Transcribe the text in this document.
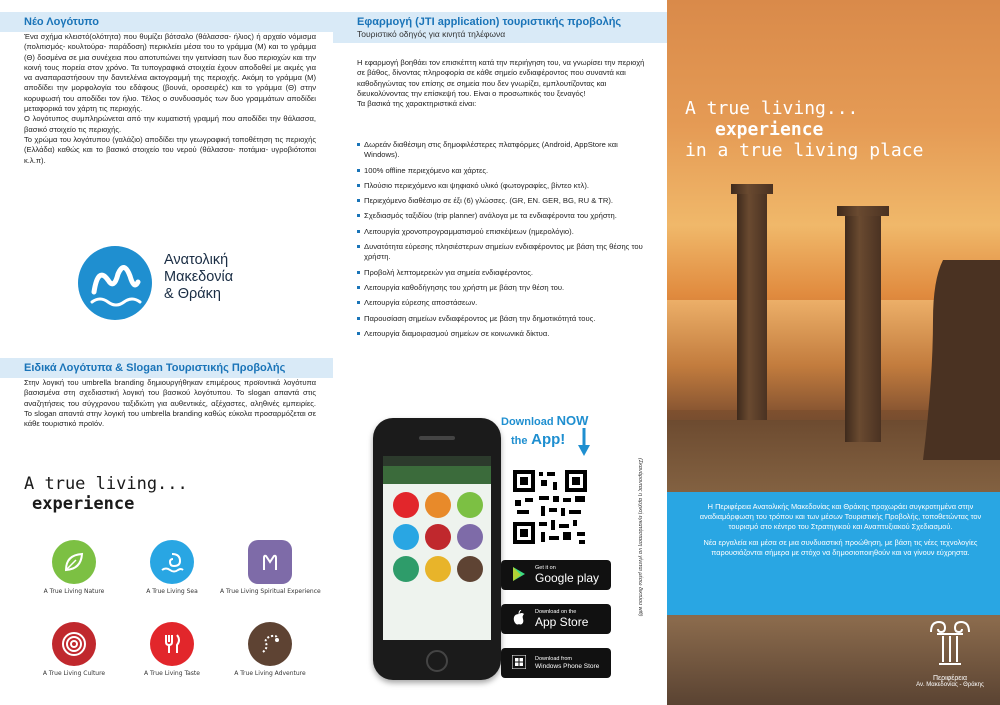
Νέο Λογότυπο

Ένα σχήμα κλειστό(ολότητα) που θυμίζει βότσαλο (θάλασσα- ήλιος) ή αρχαίο νόμισμα (πολιτισμός- κουλτούρα- παράδοση) περικλείει μέσα του το γράμμα (Μ) και το γράμμα (Θ) δοσμένα σε μια συνέχεια που αποτυπώνει την γειτνίαση των δυο περιοχών και την κοινή τους πορεία στον χρόνο. Τα τυπογραφικά στοιχεία έχουν αποδοθεί με ακμές για να αναπαραστήσουν την δαντελένια ακτογραμμή της περιοχής. Ακόμη το γράμμα (Μ) αποδίδει την μορφολογία του εδάφους (βουνά, οροσειρές) και το γράμμα (Θ) στην κορυφωσή του αποδίδει τον ήλιο. Τέλος ο συνδυασμός των δυο γραμμάτων αποδίδει μεταφορικά τον χάρτη τις περιοχής.

Ο λογότυπος συμπληρώνεται από την κυματιστή γραμμή που αποδίδει την θάλασσα, βασικό στοιχείο τις περιοχής.

Το χρώμα του λογότυπου (γαλάζιο) αποδίδει την γεωγραφική τοποθέτηση τις περιοχής (Ελλάδα) καθώς και το βασικό στοιχείο του νερού (θάλασσα- ποτάμια- υγροβιότοποι κ.λ.π).

Ανατολική
Μακεδονία
& Θράκη
Ειδικά Λογότυπα & Slogan Τουριστικής Προβολής
Στην λογική του umbrella branding δημιουργήθηκαν επιμέρους προϊοντικά λογότυπα βασισμένα στη σχεδιαστική λογική του βασικού λογότυπου. Το slogan απαντά στις αναζητήσεις του σύγχρονου ταξιδιώτη για αυθεντικές, αξέχαστες, αληθινές εμπειρίες. Το slogan απαντά στην λογική του umbrella branding καθώς εύκολα προσαρμόζεται σε κάθε τουριστικό προϊόν.
A true living...
experience
A True Living Nature	A True Living Sea	A True Living Spiritual Experience
A True Living Culture	A True Living Taste	A True Living Adventure
Εφαρμογή (JTI application) τουριστικής προβολής
Τουριστικό οδηγός για κινητά τηλέφωνα

Η εφαρμογή βοηθάει τον επισκέπτη κατά την περιήγηση του, να γνωρίσει την περιοχή σε βάθος, δίνοντας πληροφορία σε κάθε σημείο ενδιαφέροντος που συναντά και καθοδηγώντας τον επίσης σε σημεία που δεν γνωρίζει, εμπλουτίζοντας και διευκολύνοντας την επίσκεψή του. Είναι ο προσωπικός του ξεναγός!

Τα βασικά της χαρακτηριστικά είναι:

Δωρεάν διαθέσιμη στις δημοφιλέστερες πλατφόρμες (Android, AppStore και Windows).
100% offline περιεχόμενο και χάρτες.
Πλούσιο περιεχόμενο και ψηφιακό υλικό (φωτογραφίες, βίντεο κτλ).
Περιεχόμενο διαθέσιμο σε έξι (6) γλώσσες. (GR, EN. GER, BG, RU & TR).
Σχεδιασμός ταξιδίου (trip planner) ανάλογα με τα ενδιαφέροντα του χρήστη.
Λειτουργία χρονοπρογραμματισμού επισκέψεων (ημερολόγιο).
Δυνατότητα εύρεσης πλησιέστερων σημείων ενδιαφέροντος με βάση της θέσης του χρήστη.
Προβολή λεπτομερειών για σημεία ενδιαφέροντος.
Λειτουργία καθοδήγησης του χρήστη με βάση την θέση του.
Λειτουργία εύρεσης αποστάσεων.
Παρουσίαση σημείων ενδιαφέροντος με βάση την δημοτικότητά τους.
Λειτουργία διαμοιρασμού σημείων σε κοινωνικά δίκτυα.
Download NOW
the App!
Get it on
Google play
Download on the
App Store
Download from
Windows Phone Store
(Σκανάροντας η αρχική εγκατάσταση να γίνεται μέσω δικτύου wifi)
A true living...
experience
in a true living place

Η Περιφέρεια Ανατολικής Μακεδονίας και Θράκης προχωράει συγκροτημένα στην αναδιαμόρφωση του τρόπου και των μέσων Τουριστικής Προβολής, τοποθετώντας τον τουρισμό στο κέντρο του Στρατηγικού και Αναπτυξιακού Σχεδιασμού.

Νέα εργαλεία και μέσα σε μια συνδυαστική προώθηση, με βάση τις νέες τεχνολογίες παρουσιάζονται σήμερα με στόχο να δημοσιοποιηθούν και να γίνουν εύχρηστα.

Περιφέρεια
Αν. Μακεδονίας - Θράκης
